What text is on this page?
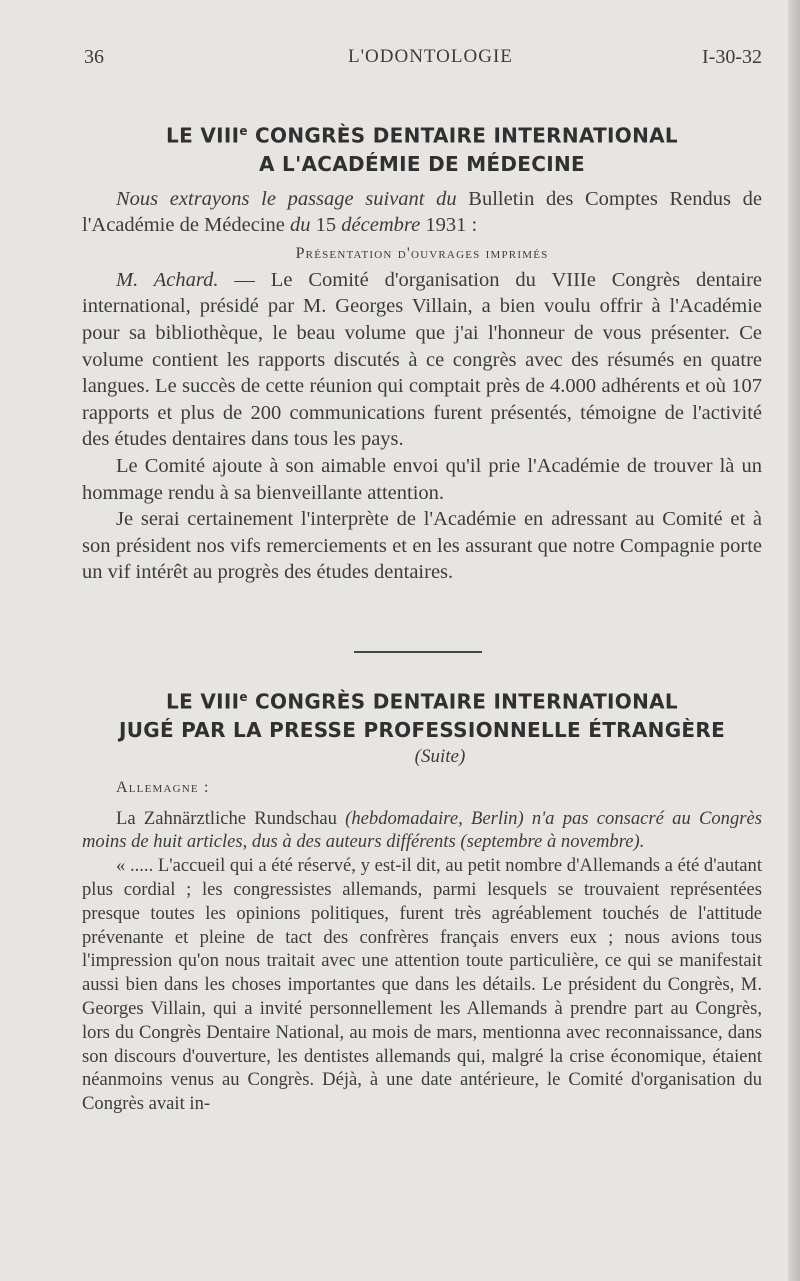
36	L'ODONTOLOGIE	I-30-32
LE VIIIe CONGRÈS DENTAIRE INTERNATIONAL
A L'ACADÉMIE DE MÉDECINE

Nous extrayons le passage suivant du Bulletin des Comptes Rendus de l'Académie de Médecine du 15 décembre 1931 :

Présentation d'ouvrages imprimés

M. Achard. — Le Comité d'organisation du VIIIe Congrès dentaire international, présidé par M. Georges Villain, a bien voulu offrir à l'Académie pour sa bibliothèque, le beau volume que j'ai l'honneur de vous présenter. Ce volume contient les rapports discutés à ce congrès avec des résumés en quatre langues. Le succès de cette réunion qui comptait près de 4.000 adhérents et où 107 rapports et plus de 200 communications furent présentés, témoigne de l'activité des études dentaires dans tous les pays.

Le Comité ajoute à son aimable envoi qu'il prie l'Académie de trouver là un hommage rendu à sa bienveillante attention.

Je serai certainement l'interprète de l'Académie en adressant au Comité et à son président nos vifs remerciements et en les assurant que notre Compagnie porte un vif intérêt au progrès des études dentaires.

LE VIIIe CONGRÈS DENTAIRE INTERNATIONAL
JUGÉ PAR LA PRESSE PROFESSIONNELLE ÉTRANGÈRE
(Suite)
Allemagne :

La Zahnärztliche Rundschau (hebdomadaire, Berlin) n'a pas consacré au Congrès moins de huit articles, dus à des auteurs différents (septembre à novembre).

« ..... L'accueil qui a été réservé, y est-il dit, au petit nombre d'Allemands a été d'autant plus cordial ; les congressistes allemands, parmi lesquels se trouvaient représentées presque toutes les opinions politiques, furent très agréablement touchés de l'attitude prévenante et pleine de tact des confrères français envers eux ; nous avions tous l'impression qu'on nous traitait avec une attention toute particulière, ce qui se manifestait aussi bien dans les choses importantes que dans les détails. Le président du Congrès, M. Georges Villain, qui a invité personnellement les Allemands à prendre part au Congrès, lors du Congrès Dentaire National, au mois de mars, mentionna avec reconnaissance, dans son discours d'ouverture, les dentistes allemands qui, malgré la crise économique, étaient néanmoins venus au Congrès. Déjà, à une date antérieure, le Comité d'organisation du Congrès avait in-
